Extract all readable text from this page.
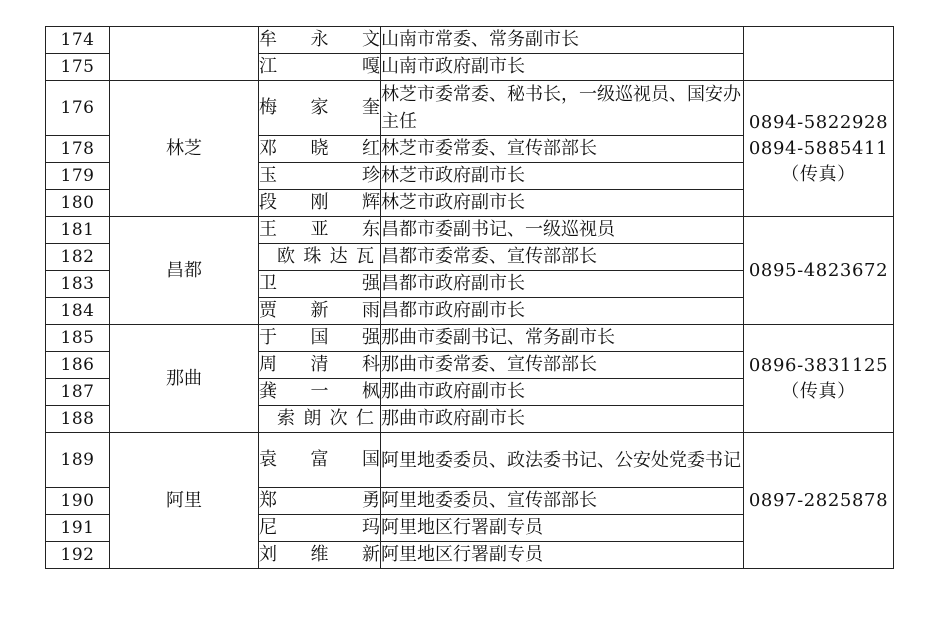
174		牟永文	山南市常委、常务副市长	
175		江嘎	山南市政府副市长	
176	林芝	梅家奎	林芝市委常委、秘书长，一级巡视员、国安办主任	0894-5822928
0894-5885411
（传真）

178		邓晓红	林芝市委常委、宣传部部长	
179		玉珍	林芝市政府副市长	
180		段刚辉	林芝市政府副市长	
181	昌都	王亚东	昌都市委副书记、一级巡视员	0895-4823672

182		欧珠达瓦	昌都市委常委、宣传部部长	
183		卫强	昌都市政府副市长	
184		贾新雨	昌都市政府副市长	
185	那曲	于国强	那曲市委副书记、常务副市长	0896-3831125
（传真）

186		周清科	那曲市委常委、宣传部部长	
187		龚一枫	那曲市政府副市长	
188		索朗次仁	那曲市政府副市长	
189	阿里	袁富国	阿里地委委员、政法委书记、公安处党委书记	0897-2825878

190		郑勇	阿里地委委员、宣传部部长	
191		尼玛	阿里地区行署副专员	
192		刘维新	阿里地区行署副专员	
